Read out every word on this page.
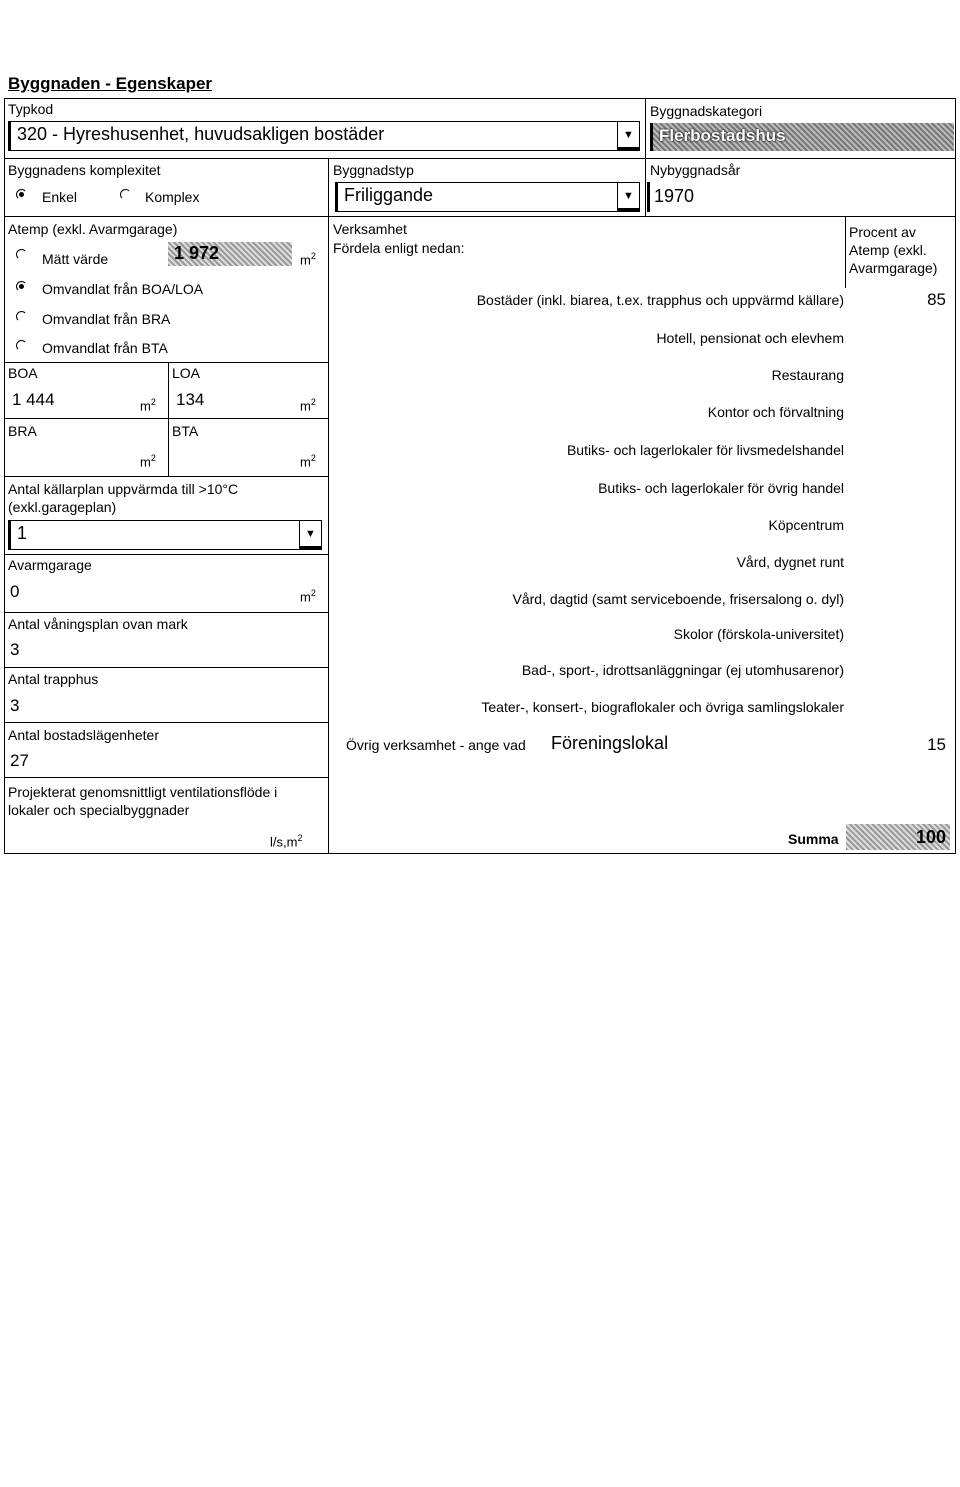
Byggnaden - Egenskaper
Typkod
320 - Hyreshusenhet, huvudsakligen bostäder	▼
Byggnadskategori
Flerbostadshus
Byggnadens komplexitet
Enkel	Komplex
Byggnadstyp
Friliggande	▼
Nybyggnadsår
1970
Atemp (exkl. Avarmgarage)
Mätt värde	1 972	$m^2$
Omvandlat från BOA/LOA
Omvandlat från BRA
Omvandlat från BTA
BOA
1 444	$m^2$
LOA
134	$m^2$
BRA
$m^2$
BTA
$m^2$
Antal källarplan uppvärmda till >10°C
(exkl.garageplan)
1	▼
Avarmgarage
0	$m^2$
Antal våningsplan ovan mark
3
Antal trapphus
3
Antal bostadslägenheter
27
Projekterat genomsnittligt ventilationsflöde i
lokaler och specialbyggnader
$l/s,m^2$
Verksamhet
Fördela enligt nedan:
Procent av
Atemp (exkl.
Avarmgarage)
Bostäder (inkl. biarea, t.ex. trapphus och uppvärmd källare)	85
Hotell, pensionat och elevhem
Restaurang
Kontor och förvaltning
Butiks- och lagerlokaler för livsmedelshandel
Butiks- och lagerlokaler för övrig handel
Köpcentrum
Vård, dygnet runt
Vård, dagtid (samt serviceboende, frisersalong o. dyl)
Skolor (förskola-universitet)
Bad-, sport-, idrottsanläggningar (ej utomhusarenor)
Teater-, konsert-, biograflokaler och övriga samlingslokaler
Övrig verksamhet - ange vad Föreningslokal	15
Summa	100
